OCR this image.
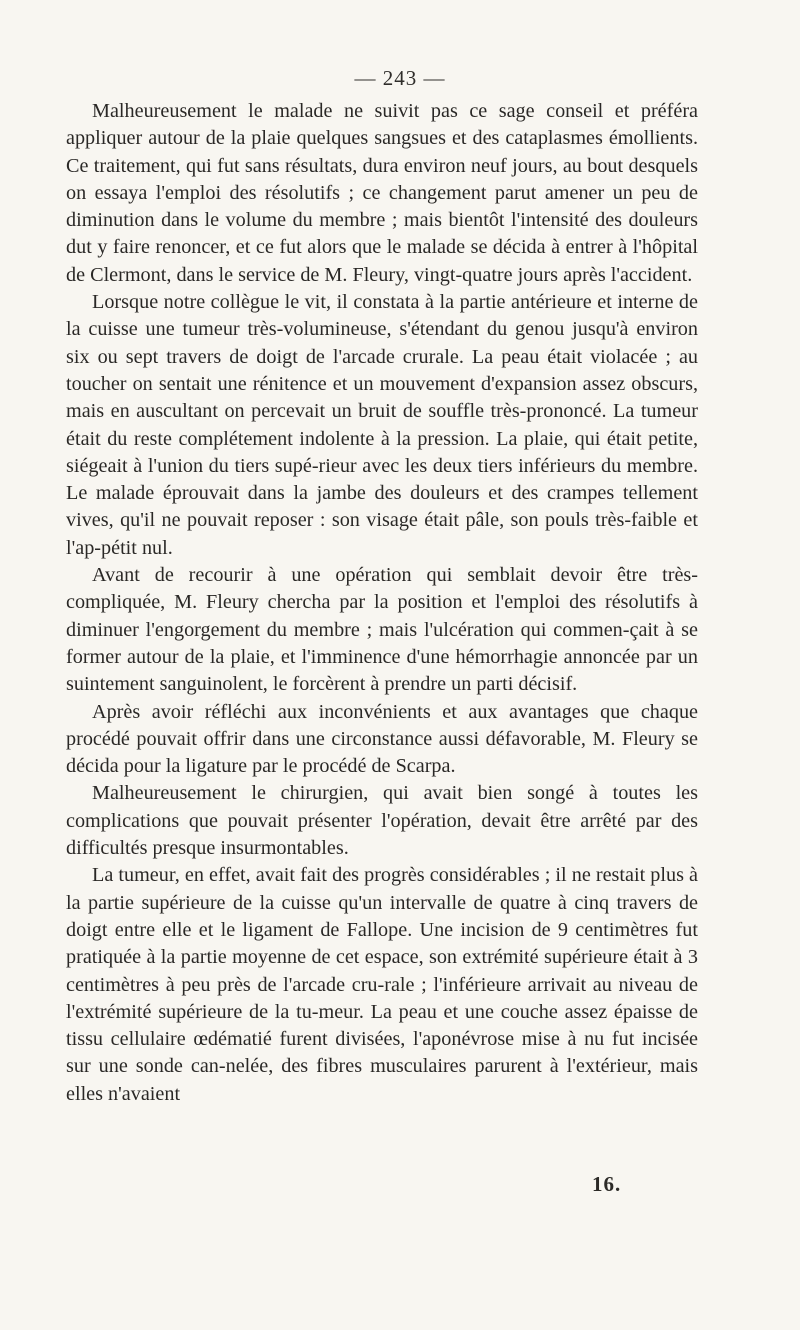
— 243 —

Malheureusement le malade ne suivit pas ce sage conseil et préféra appliquer autour de la plaie quelques sangsues et des cataplasmes émollients. Ce traitement, qui fut sans résultats, dura environ neuf jours, au bout desquels on essaya l'emploi des résolutifs ; ce changement parut amener un peu de diminution dans le volume du membre ; mais bientôt l'intensité des douleurs dut y faire renoncer, et ce fut alors que le malade se décida à entrer à l'hôpital de Clermont, dans le service de M. Fleury, vingt-quatre jours après l'accident.

Lorsque notre collègue le vit, il constata à la partie antérieure et interne de la cuisse une tumeur très-volumineuse, s'étendant du genou jusqu'à environ six ou sept travers de doigt de l'arcade crurale. La peau était violacée ; au toucher on sentait une rénitence et un mouvement d'expansion assez obscurs, mais en auscultant on percevait un bruit de souffle très-prononcé. La tumeur était du reste complétement indolente à la pression. La plaie, qui était petite, siégeait à l'union du tiers supé-rieur avec les deux tiers inférieurs du membre. Le malade éprouvait dans la jambe des douleurs et des crampes tellement vives, qu'il ne pouvait reposer : son visage était pâle, son pouls très-faible et l'ap-pétit nul.

Avant de recourir à une opération qui semblait devoir être très-compliquée, M. Fleury chercha par la position et l'emploi des résolutifs à diminuer l'engorgement du membre ; mais l'ulcération qui commen-çait à se former autour de la plaie, et l'imminence d'une hémorrhagie annoncée par un suintement sanguinolent, le forcèrent à prendre un parti décisif.

Après avoir réfléchi aux inconvénients et aux avantages que chaque procédé pouvait offrir dans une circonstance aussi défavorable, M. Fleury se décida pour la ligature par le procédé de Scarpa.

Malheureusement le chirurgien, qui avait bien songé à toutes les complications que pouvait présenter l'opération, devait être arrêté par des difficultés presque insurmontables.

La tumeur, en effet, avait fait des progrès considérables ; il ne restait plus à la partie supérieure de la cuisse qu'un intervalle de quatre à cinq travers de doigt entre elle et le ligament de Fallope. Une incision de 9 centimètres fut pratiquée à la partie moyenne de cet espace, son extrémité supérieure était à 3 centimètres à peu près de l'arcade cru-rale ; l'inférieure arrivait au niveau de l'extrémité supérieure de la tu-meur. La peau et une couche assez épaisse de tissu cellulaire œdématié furent divisées, l'aponévrose mise à nu fut incisée sur une sonde can-nelée, des fibres musculaires parurent à l'extérieur, mais elles n'avaient

16.
